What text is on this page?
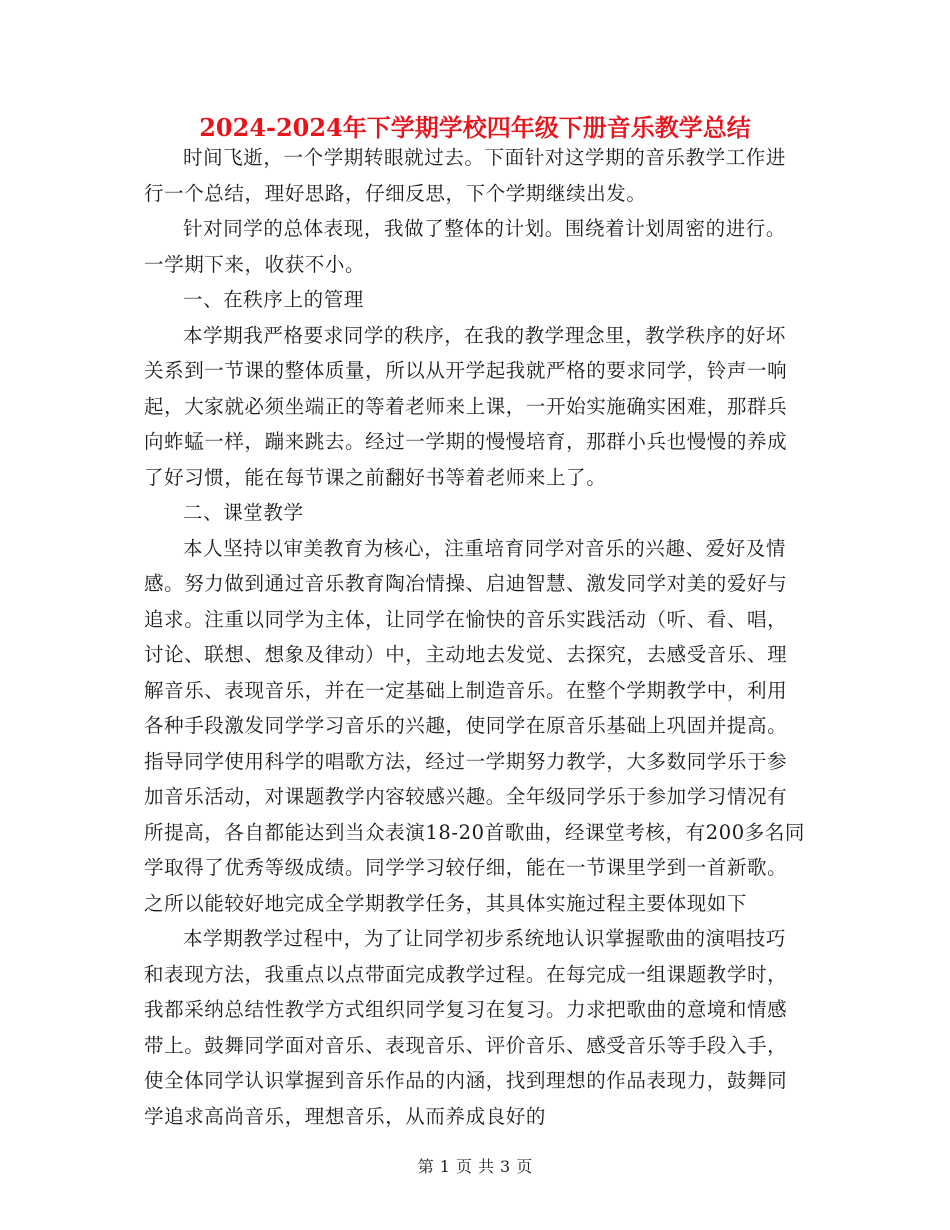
2024-2024年下学期学校四年级下册音乐教学总结

时间飞逝，一个学期转眼就过去。下面针对这学期的音乐教学工作进行一个总结，理好思路，仔细反思，下个学期继续出发。

针对同学的总体表现，我做了整体的计划。围绕着计划周密的进行。一学期下来，收获不小。

一、在秩序上的管理

本学期我严格要求同学的秩序，在我的教学理念里，教学秩序的好坏关系到一节课的整体质量，所以从开学起我就严格的要求同学，铃声一响起，大家就必须坐端正的等着老师来上课，一开始实施确实困难，那群兵向蚱蜢一样，蹦来跳去。经过一学期的慢慢培育，那群小兵也慢慢的养成了好习惯，能在每节课之前翻好书等着老师来上了。

二、课堂教学

本人坚持以审美教育为核心，注重培育同学对音乐的兴趣、爱好及情感。努力做到通过音乐教育陶冶情操、启迪智慧、激发同学对美的爱好与追求。注重以同学为主体，让同学在愉快的音乐实践活动（听、看、唱，讨论、联想、想象及律动）中，主动地去发觉、去探究，去感受音乐、理解音乐、表现音乐，并在一定基础上制造音乐。在整个学期教学中，利用各种手段激发同学学习音乐的兴趣，使同学在原音乐基础上巩固并提高。指导同学使用科学的唱歌方法，经过一学期努力教学，大多数同学乐于参加音乐活动，对课题教学内容较感兴趣。全年级同学乐于参加学习情况有所提高，各自都能达到当众表演18-20首歌曲，经课堂考核，有200多名同学取得了优秀等级成绩。同学学习较仔细，能在一节课里学到一首新歌。之所以能较好地完成全学期教学任务，其具体实施过程主要体现如下

本学期教学过程中，为了让同学初步系统地认识掌握歌曲的演唱技巧和表现方法，我重点以点带面完成教学过程。在每完成一组课题教学时，我都采纳总结性教学方式组织同学复习在复习。力求把歌曲的意境和情感带上。鼓舞同学面对音乐、表现音乐、评价音乐、感受音乐等手段入手，使全体同学认识掌握到音乐作品的内涵，找到理想的作品表现力，鼓舞同学追求高尚音乐，理想音乐，从而养成良好的

第 1 页 共 3 页
